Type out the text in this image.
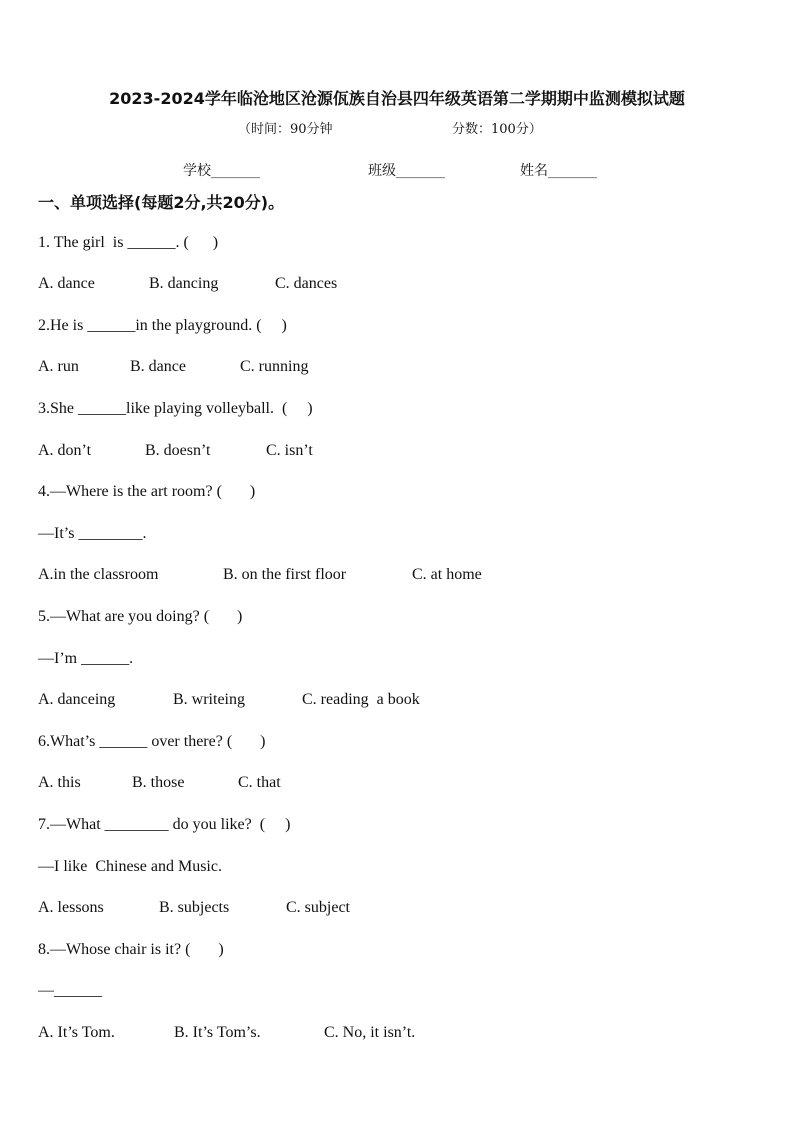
2023-2024学年临沧地区沧源佤族自治县四年级英语第二学期期中监测模拟试题
（时间：90分钟	分数：100分）
学校_______	班级_______	姓名_______
一、单项选择(每题2分,共20分)。
1. The girl  is ______. (      )
A. dance	B. dancing	C. dances
2.He is ______in the playground. (     )
A. run	B. dance	C. running
3.She ______like playing volleyball.  (     )
A. don’t	B. doesn’t	C. isn’t
4.—Where is the art room? (       )
—It’s ________.
A.in the classroom	B. on the first floor	C. at home
5.—What are you doing? (       )
—I’m ______.
A. danceing	B. writeing	C. reading  a book
6.What’s ______ over there? (       )
A. this	B. those	C. that
7.—What ________ do you like?  (     )
—I like  Chinese and Music.
A. lessons	B. subjects	C. subject
8.—Whose chair is it? (       )
—______
A. It’s Tom.	B. It’s Tom’s.	C. No, it isn’t.
